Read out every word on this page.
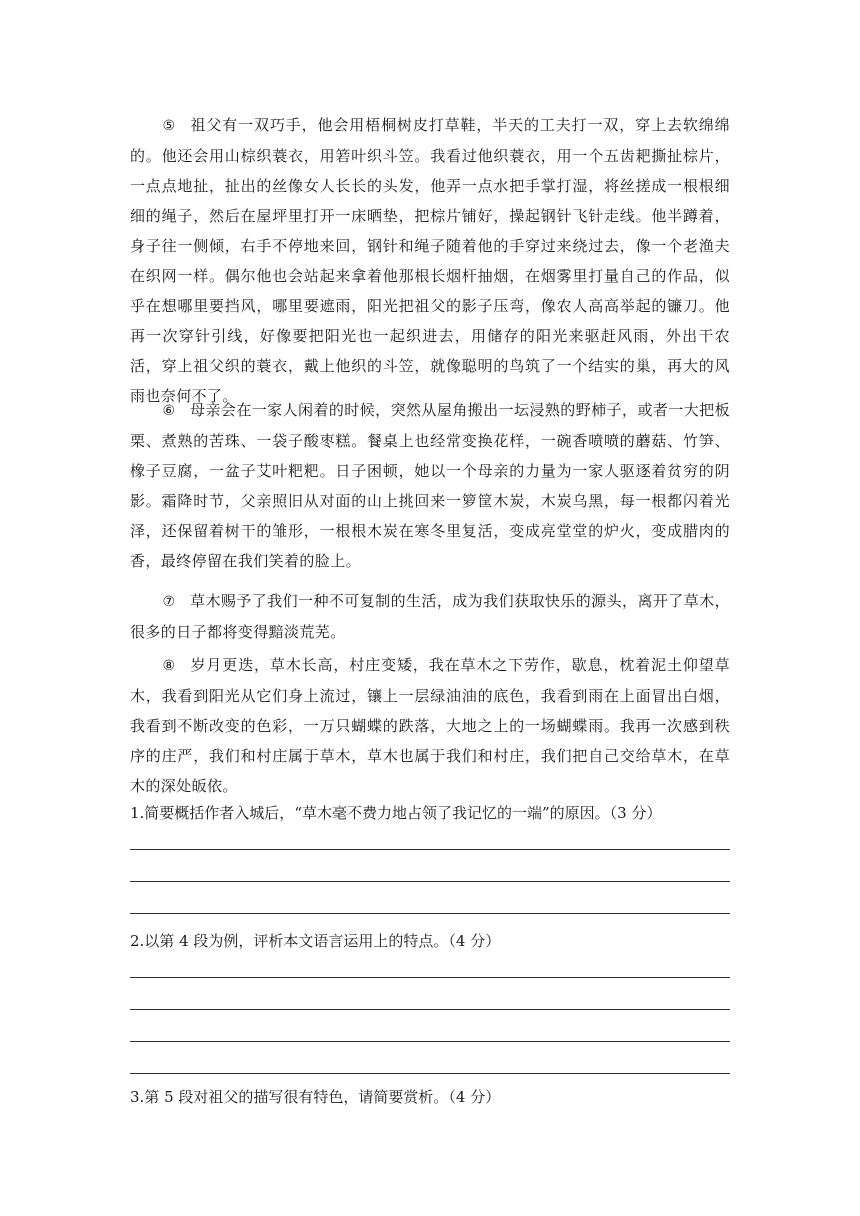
⑤ 祖父有一双巧手，他会用梧桐树皮打草鞋，半天的工夫打一双，穿上去软绵绵的。他还会用山棕织蓑衣，用箬叶织斗笠。我看过他织蓑衣，用一个五齿耙撕扯棕片，一点点地扯，扯出的丝像女人长长的头发，他弄一点水把手掌打湿，将丝搓成一根根细细的绳子，然后在屋坪里打开一床晒垫，把棕片铺好，操起钢针飞针走线。他半蹲着，身子往一侧倾，右手不停地来回，钢针和绳子随着他的手穿过来绕过去，像一个老渔夫在织网一样。偶尔他也会站起来拿着他那根长烟杆抽烟，在烟雾里打量自己的作品，似乎在想哪里要挡风，哪里要遮雨，阳光把祖父的影子压弯，像农人高高举起的镰刀。他再一次穿针引线，好像要把阳光也一起织进去，用储存的阳光来驱赶风雨，外出干农活，穿上祖父织的蓑衣，戴上他织的斗笠，就像聪明的鸟筑了一个结实的巢，再大的风雨也奈何不了。

⑥ 母亲会在一家人闲着的时候，突然从屋角搬出一坛浸熟的野柿子，或者一大把板栗、煮熟的苦珠、一袋子酸枣糕。餐桌上也经常变换花样，一碗香喷喷的蘑菇、竹笋、橡子豆腐，一盆子艾叶粑粑。日子困顿，她以一个母亲的力量为一家人驱逐着贫穷的阴影。霜降时节，父亲照旧从对面的山上挑回来一箩筐木炭，木炭乌黑，每一根都闪着光泽，还保留着树干的雏形，一根根木炭在寒冬里复活，变成亮堂堂的炉火，变成腊肉的香，最终停留在我们笑着的脸上。

⑦ 草木赐予了我们一种不可复制的生活，成为我们获取快乐的源头，离开了草木，很多的日子都将变得黯淡荒芜。

⑧ 岁月更迭，草木长高，村庄变矮，我在草木之下劳作，歇息，枕着泥土仰望草木，我看到阳光从它们身上流过，镶上一层绿油油的底色，我看到雨在上面冒出白烟，我看到不断改变的色彩，一万只蝴蝶的跌落，大地之上的一场蝴蝶雨。我再一次感到秩序的庄严，我们和村庄属于草木，草木也属于我们和村庄，我们把自己交给草木，在草木的深处皈依。

1.简要概括作者入城后，“草木毫不费力地占领了我记忆的一端”的原因。（3 分）

2.以第 4 段为例，评析本文语言运用上的特点。（4 分）

3.第 5 段对祖父的描写很有特色，请简要赏析。（4 分）
